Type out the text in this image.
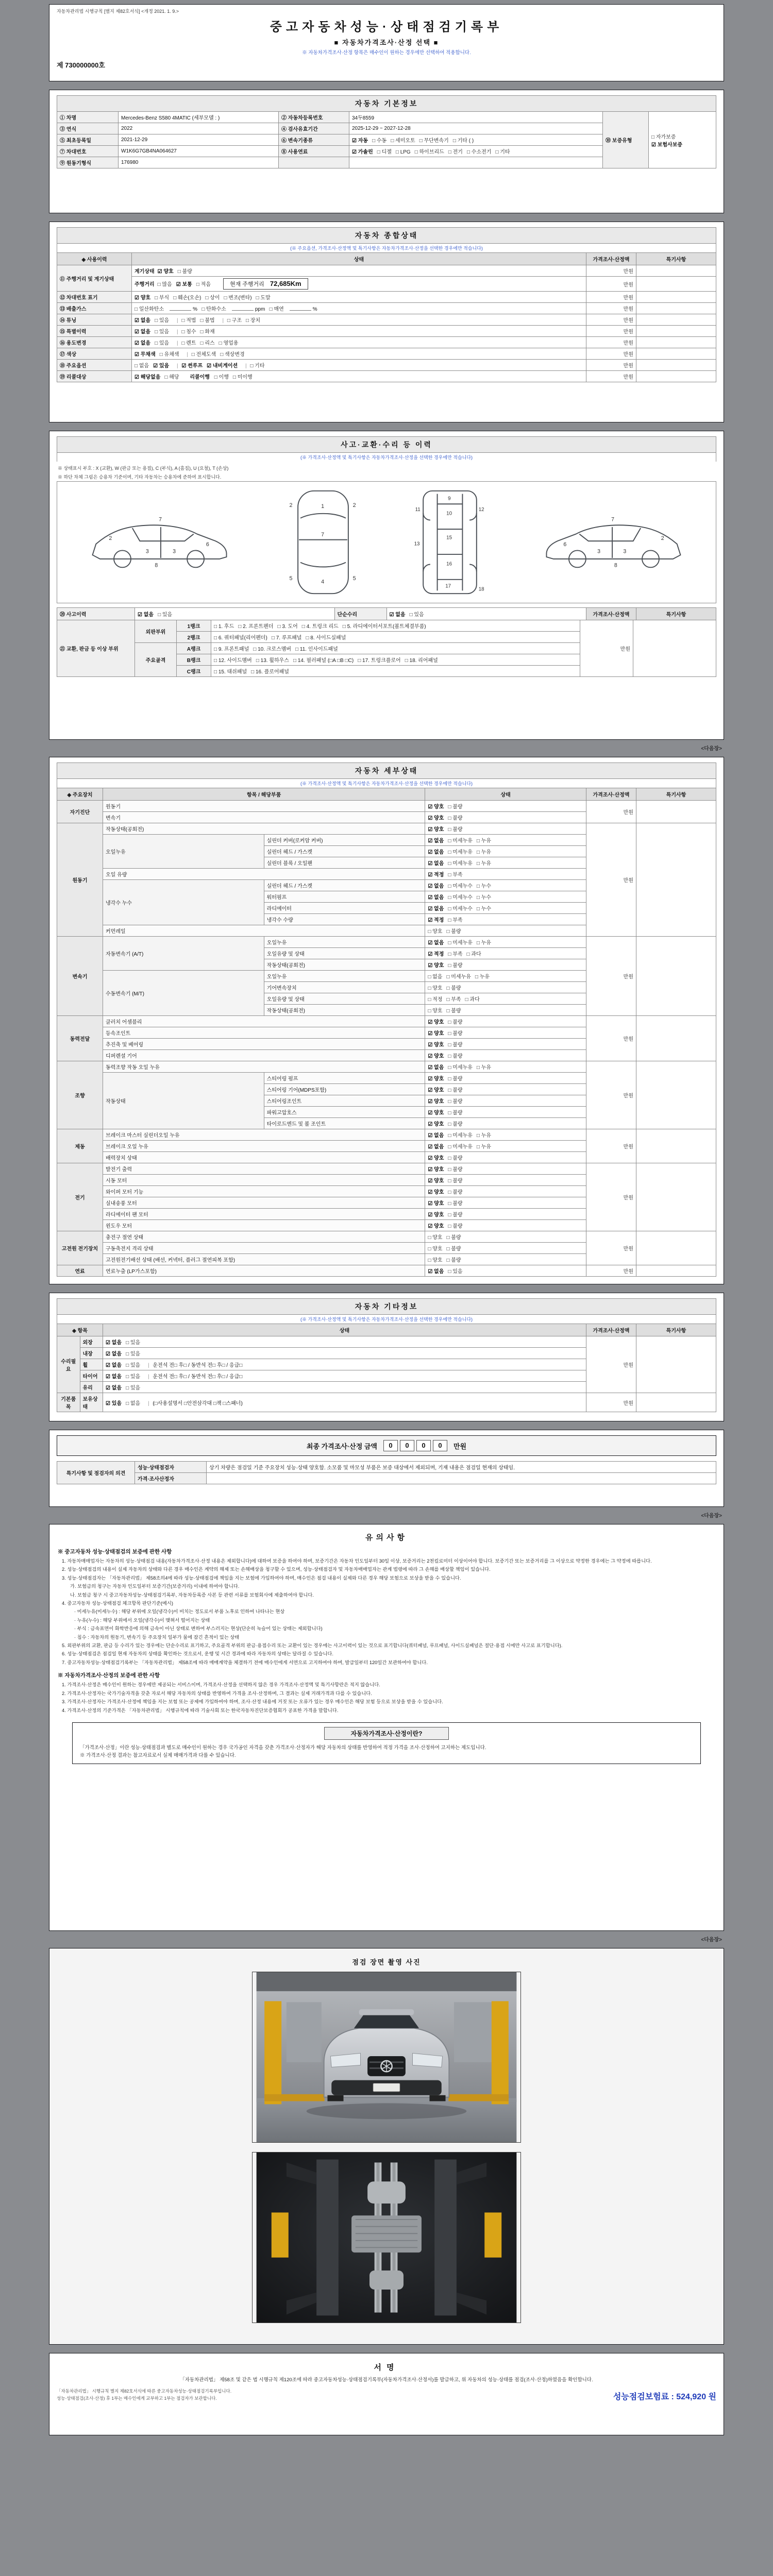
자동차관리법 시행규칙 [별지 제82호서식] <개정 2021. 1. 9.>
중고자동차성능·상태점검기록부
■ 자동차가격조사·산정 선택 ■
※ 자동차가격조사·산정 항목은 매수인이 원하는 경우에만 선택하여 적용합니다.
제 730000000호
자동차 기본정보
① 차명	Mercedes-Benz S580 4MATIC (세부모델 : )	② 자동차등록번호	34두8559	⑩ 보증유형	□ 자가보증
☑ 보험사보증
③ 연식	2022	④ 검사유효기간	2025-12-29 ~ 2027-12-28		
⑤ 최초등록일	2021-12-29	⑥ 변속기종류	☑ 자동 □ 수동 □ 세미오토 □ 무단변속기 □ 기타 ( )		
⑦ 차대번호	W1K6G7GB4NA064627	⑧ 사용연료	☑ 가솔린 □ 디젤 □ LPG □ 하이브리드 □ 전기 □ 수소전기 □ 기타		
⑨ 원동기형식	176980				
자동차 종합상태
(※ 주요옵션, 가격조사·산정액 및 특기사항은 자동차가격조사·산정을 선택한 경우에만 적습니다)
◈ 사용이력	상태	가격조사·산정액	특기사항
⑪ 주행거리 및 계기상태	계기상태 ☑ 양호 □ 불량	만원	
	주행거리 □ 많음 ☑ 보통 □ 적음 현재 주행거리 72,685Km	만원	
⑫ 차대번호 표기	☑ 양호 □ 부식 □ 훼손(오손) □ 상이 □ 변조(변타) □ 도말	만원	
⑬ 배출가스	□ 일산화탄소 %   □ 탄화수소 ppm   □ 매연 %	만원	
⑭ 튜닝	☑ 없음 □ 있음 | □ 적법 □ 불법 | □ 구조 □ 장치	만원	
⑮ 특별이력	☑ 없음 □ 있음 | □ 침수 □ 화재	만원	
⑯ 용도변경	☑ 없음 □ 있음 | □ 렌트 □ 리스 □ 영업용	만원	
⑰ 색상	☑ 무채색 □ 유채색 | □ 전체도색 □ 색상변경	만원	
⑱ 주요옵션	□ 없음 ☑ 있음 | ☑ 썬루프 ☑ 내비게이션 | □ 기타	만원	
⑲ 리콜대상	☑ 해당없음 □ 해당 리콜이행 □ 이행 □ 미이행	만원	
사고·교환·수리 등 이력
(※ 가격조사·산정액 및 특기사항은 자동차가격조사·산정을 선택한 경우에만 적습니다)
※ 상태표시 부호 : X (교환), W (판금 또는 용접), C (부식), A (흠집), U (요철), T (손상)
※ 하단 차체 그림은 승용차 기준이며, 기타 자동차는 승용차에 준하여 표시합니다.
2
3	3
7
6
8
1
7
4
2	2
5	5
9
10
11	12
13
15
16
17
18
2
3
3
7
6
8
⑳ 사고이력	☑ 없음 □ 있음	단순수리	☑ 없음 □ 있음	가격조사·산정액	특기사항
㉑ 교환, 판금 등 이상 부위	외판부위	1랭크	□ 1. 후드 □ 2. 프론트펜더 □ 3. 도어 □ 4. 트렁크 리드 □ 5. 라디에이터서포트(볼트체결부품)	만원	
		2랭크	□ 6. 쿼터패널(리어펜더) □ 7. 루프패널 □ 8. 사이드실패널		
	주요골격	A랭크	□ 9. 프론트패널 □ 10. 크로스멤버 □ 11. 인사이드패널		
		B랭크	□ 12. 사이드멤버 □ 13. 휠하우스 □ 14. 필러패널 (□A □B □C) □ 17. 트렁크플로어 □ 18. 리어패널		
		C랭크	□ 15. 대쉬패널 □ 16. 플로어패널		
<다음장>
자동차 세부상태
(※ 가격조사·산정액 및 특기사항은 자동차가격조사·산정을 선택한 경우에만 적습니다)
◈ 주요장치	항목 / 해당부품		상태	가격조사·산정액	특기사항
자기진단	원동기		☑ 양호 □ 불량	만원	
	변속기		☑ 양호 □ 불량		
원동기	작동상태(공회전)		☑ 양호 □ 불량	만원	
	오일누유	실린더 커버(로커암 커버)	☑ 없음 □ 미세누유 □ 누유		
		실린더 헤드 / 가스켓	☑ 없음 □ 미세누유 □ 누유		
		실린더 블록 / 오일팬	☑ 없음 □ 미세누유 □ 누유		
	오일 유량		☑ 적정 □ 부족		
	냉각수 누수	실린더 헤드 / 가스켓	☑ 없음 □ 미세누수 □ 누수		
		워터펌프	☑ 없음 □ 미세누수 □ 누수		
		라디에이터	☑ 없음 □ 미세누수 □ 누수		
		냉각수 수량	☑ 적정 □ 부족		
	커먼레일		□ 양호 □ 불량		
변속기	자동변속기 (A/T)	오일누유	☑ 없음 □ 미세누유 □ 누유	만원	
		오일유량 및 상태	☑ 적정 □ 부족 □ 과다		
		작동상태(공회전)	☑ 양호 □ 불량		
	수동변속기 (M/T)	오일누유	□ 없음 □ 미세누유 □ 누유		
		기어변속장치	□ 양호 □ 불량		
		오일유량 및 상태	□ 적정 □ 부족 □ 과다		
		작동상태(공회전)	□ 양호 □ 불량		
동력전달	클러치 어셈블리		☑ 양호 □ 불량	만원	
	등속조인트		☑ 양호 □ 불량		
	추진축 및 베어링		☑ 양호 □ 불량		
	디퍼렌셜 기어		☑ 양호 □ 불량		
조향	동력조향 작동 오일 누유		☑ 없음 □ 미세누유 □ 누유	만원	
	작동상태	스티어링 펌프	☑ 양호 □ 불량		
		스티어링 기어(MDPS포함)	☑ 양호 □ 불량		
		스티어링조인트	☑ 양호 □ 불량		
		파워고압호스	☑ 양호 □ 불량		
		타이로드엔드 및 볼 조인트	☑ 양호 □ 불량		
제동	브레이크 마스터 실린더오일 누유		☑ 없음 □ 미세누유 □ 누유	만원	
	브레이크 오일 누유		☑ 없음 □ 미세누유 □ 누유		
	배력장치 상태		☑ 양호 □ 불량		
전기	발전기 출력		☑ 양호 □ 불량	만원	
	시동 모터		☑ 양호 □ 불량		
	와이퍼 모터 기능		☑ 양호 □ 불량		
	실내송풍 모터		☑ 양호 □ 불량		
	라디에이터 팬 모터		☑ 양호 □ 불량		
	윈도우 모터		☑ 양호 □ 불량		
고전원 전기장치	충전구 절연 상태		□ 양호 □ 불량	만원	
	구동축전지 격리 상태		□ 양호 □ 불량		
	고전원전기배선 상태 (배선, 커넥터, 플러그 절연피복 포함)		□ 양호 □ 불량		
연료	연료누출 (LP가스포함)		☑ 없음 □ 있음	만원	
자동차 기타정보
(※ 가격조사·산정액 및 특기사항은 자동차가격조사·산정을 선택한 경우에만 적습니다)
◈ 항목		상태	가격조사·산정액	특기사항
수리필요	외장	☑ 없음 □ 있음	만원	
	내장	☑ 없음 □ 있음		
	휠	☑ 없음 □ 있음 | 운전석 전□ 후□ / 동반석 전□ 후□ / 응급□		
	타이어	☑ 없음 □ 있음 | 운전석 전□ 후□ / 동반석 전□ 후□ / 응급□		
	유리	☑ 없음 □ 있음		
기본품목	보유상태	☑ 있음 □ 없음 | (□사용설명서 □안전삼각대 □잭 □스패너)	만원	
최종 가격조사·산정 금액	0 0 0 0	만원
특기사항 및 점검자의 의견	성능·상태점검자	상기 차량은 점검일 기준 주요장치 성능·상태 양호함. 소모품 및 마모성 부품은 보증 대상에서 제외되며, 기재 내용은 점검일 현재의 상태임.
	가격·조사산정자	
<다음장>
유의사항
※ 중고자동차 성능·상태점검의 보증에 관한 사항
1. 자동차매매업자는 자동차의 성능·상태점검 내용(자동차가격조사·산정 내용은 제외합니다)에 대하여 보증을 하여야 하며, 보증기간은 자동차 인도일부터 30일 이상, 보증거리는 2천킬로미터 이상이어야 합니다. 보증기간 또는 보증거리를 그 이상으로 약정한 경우에는 그 약정에 따릅니다.
2. 성능·상태점검의 내용이 실제 자동차의 상태와 다른 경우 매수인은 계약의 해제 또는 손해배상을 청구할 수 있으며, 성능·상태점검자 및 자동차매매업자는 관계 법령에 따라 그 손해를 배상할 책임이 있습니다.
3. 성능·상태점검자는 「자동차관리법」 제58조의4에 따라 성능·상태점검에 책임을 지는 보험에 가입하여야 하며, 매수인은 점검 내용이 실제와 다른 경우 해당 보험으로 보상을 받을 수 있습니다.
가. 보험금의 청구는 자동차 인도일부터 보증기간(보증거리) 이내에 하여야 합니다.
나. 보험금 청구 시 중고자동차성능·상태점검기록부, 자동차등록증 사본 등 관련 서류를 보험회사에 제출하여야 합니다.
4. 중고자동차 성능·상태점검 체크항목 판단기준(예시)
· 미세누유(미세누수) : 해당 부위에 오일(냉각수)이 비치는 정도로서 부품 노후로 인하여 나타나는 현상
· 누유(누수) : 해당 부위에서 오일(냉각수)이 맺혀서 떨어지는 상태
· 부식 : 금속표면이 화학반응에 의해 금속이 아닌 상태로 변하여 부스러지는 현상(단순히 녹슬어 있는 상태는 제외합니다)
· 침수 : 자동차의 원동기, 변속기 등 주요장치 일부가 물에 잠긴 흔적이 있는 상태
5. 외판부위의 교환, 판금 등 수리가 있는 경우에는 단순수리로 표기하고, 주요골격 부위의 판금·용접수리 또는 교환이 있는 경우에는 사고이력이 있는 것으로 표기합니다(쿼터패널, 루프패널, 사이드실패널은 절단·용접 시에만 사고로 표기합니다).
6. 성능·상태점검은 점검일 현재 자동차의 상태를 확인하는 것으로서, 운행 및 시간 경과에 따라 자동차의 상태는 달라질 수 있습니다.
7. 중고자동차성능·상태점검기록부는 「자동차관리법」 제58조에 따라 매매계약을 체결하기 전에 매수인에게 서면으로 고지하여야 하며, 발급일부터 120일간 보관하여야 합니다.
※ 자동차가격조사·산정의 보증에 관한 사항
1. 가격조사·산정은 매수인이 원하는 경우에만 제공되는 서비스이며, 가격조사·산정을 선택하지 않은 경우 가격조사·산정액 및 특기사항란은 적지 않습니다.
2. 가격조사·산정자는 국가기술자격을 갖춘 자로서 해당 자동차의 상태를 반영하여 가격을 조사·산정하며, 그 결과는 실제 거래가격과 다를 수 있습니다.
3. 가격조사·산정자는 가격조사·산정에 책임을 지는 보험 또는 공제에 가입하여야 하며, 조사·산정 내용에 거짓 또는 오류가 있는 경우 매수인은 해당 보험 등으로 보상을 받을 수 있습니다.
4. 가격조사·산정의 기준가격은 「자동차관리법」 시행규칙에 따라 기술사회 또는 한국자동차진단보증협회가 공표한 가격을 말합니다.
자동차가격조사·산정이란?
「가격조사·산정」이란 성능·상태점검과 별도로 매수인이 원하는 경우 국가공인 자격을 갖춘 가격조사·산정자가 해당 자동차의 상태를 반영하여 적정 가격을 조사·산정하여 고지하는 제도입니다.
※ 가격조사·산정 결과는 참고자료로서 실제 매매가격과 다를 수 있습니다.
<다음장>
점검 장면 촬영 사진
서명
「자동차관리법」 제58조 및 같은 법 시행규칙 제120조에 따라 중고자동차성능·상태점검기록부(자동차가격조사·산정서)를 발급하고, 위 자동차의 성능·상태를 점검(조사·산정)하였음을 확인합니다.
「자동차관리법」 시행규칙 별지 제82호서식에 따른 중고자동차성능·상태점검기록부입니다.
성능·상태점검(조사·산정) 후 1부는 매수인에게 교부하고 1부는 점검자가 보관합니다.	성능점검보험료 : 524,920 원
